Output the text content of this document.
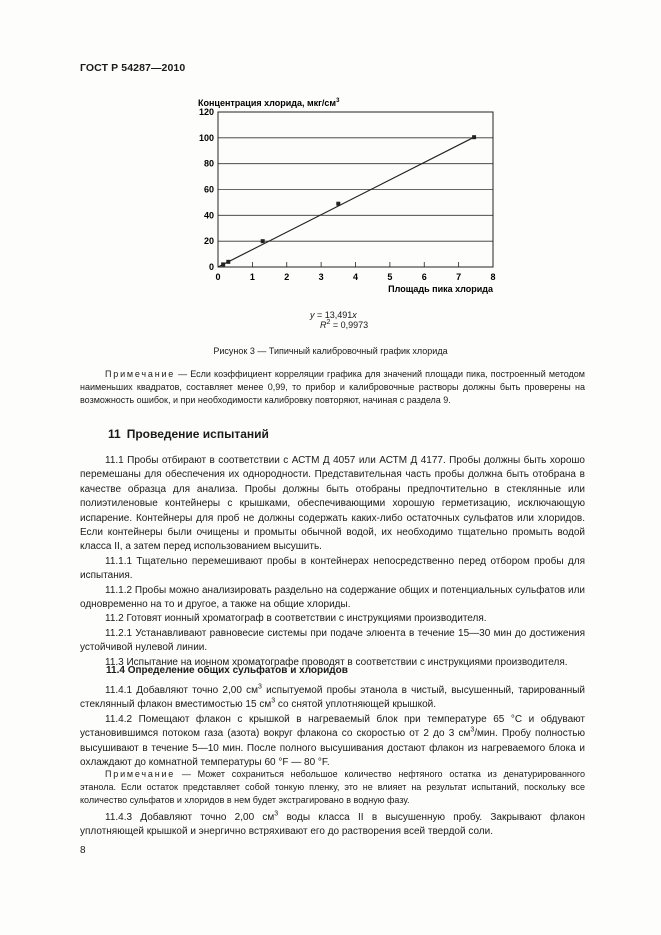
ГОСТ Р 54287—2010
0
20
40
60
80
100
120
0	1	2	3	4	5	6	7	8
Концентрация хлорида, мкг/$см^3$
Площадь пика хлорида
y = 13,491x
$R^2 = 0,9973$
Рисунок 3 — Типичный калибровочный график хлорида
Примечание — Если коэффициент корреляции графика для значений площади пика, построенный методом наименьших квадратов, составляет менее 0,99, то прибор и калибровочные растворы должны быть проверены на возможность ошибок, и при необходимости калибровку повторяют, начиная с раздела 9.
11 Проведение испытаний

11.1 Пробы отбирают в соответствии с АСТМ Д 4057 или АСТМ Д 4177. Пробы должны быть хорошо перемешаны для обеспечения их однородности. Представительная часть пробы должна быть отобрана в качестве образца для анализа. Пробы должны быть отобраны предпочтительно в стеклянные или полиэтиленовые контейнеры с крышками, обеспечивающими хорошую герметизацию, исключающую испарение. Контейнеры для проб не должны содержать каких-либо остаточных сульфатов или хлоридов. Если контейнеры были очищены и промыты обычной водой, их необходимо тщательно промыть водой класса II, а затем перед использованием высушить.

11.1.1 Тщательно перемешивают пробы в контейнерах непосредственно перед отбором пробы для испытания.

11.1.2 Пробы можно анализировать раздельно на содержание общих и потенциальных сульфатов или одновременно на то и другое, а также на общие хлориды.

11.2 Готовят ионный хроматограф в соответствии с инструкциями производителя.

11.2.1 Устанавливают равновесие системы при подаче элюента в течение 15—30 мин до достижения устойчивой нулевой линии.

11.3 Испытание на ионном хроматографе проводят в соответствии с инструкциями производителя.

11.4 Определение общих сульфатов и хлоридов

11.4.1 Добавляют точно 2,00 $см^3$ испытуемой пробы этанола в чистый, высушенный, тарированный стеклянный флакон вместимостью 15 $см^3$ со снятой уплотняющей крышкой.

11.4.2 Помещают флакон с крышкой в нагреваемый блок при температуре 65 °С и обдувают установившимся потоком газа (азота) вокруг флакона со скоростью от 2 до 3 $см^3$/мин. Пробу полностью высушивают в течение 5—10 мин. После полного высушивания достают флакон из нагреваемого блока и охлаждают до комнатной температуры 60 °F — 80 °F.

Примечание — Может сохраниться небольшое количество нефтяного остатка из денатурированного этанола. Если остаток представляет собой тонкую пленку, это не влияет на результат испытаний, поскольку все количество сульфатов и хлоридов в нем будет экстрагировано в водную фазу.

11.4.3 Добавляют точно 2,00 $см^3$ воды класса II в высушенную пробу. Закрывают флакон уплотняющей крышкой и энергично встряхивают его до растворения всей твердой соли.

8
